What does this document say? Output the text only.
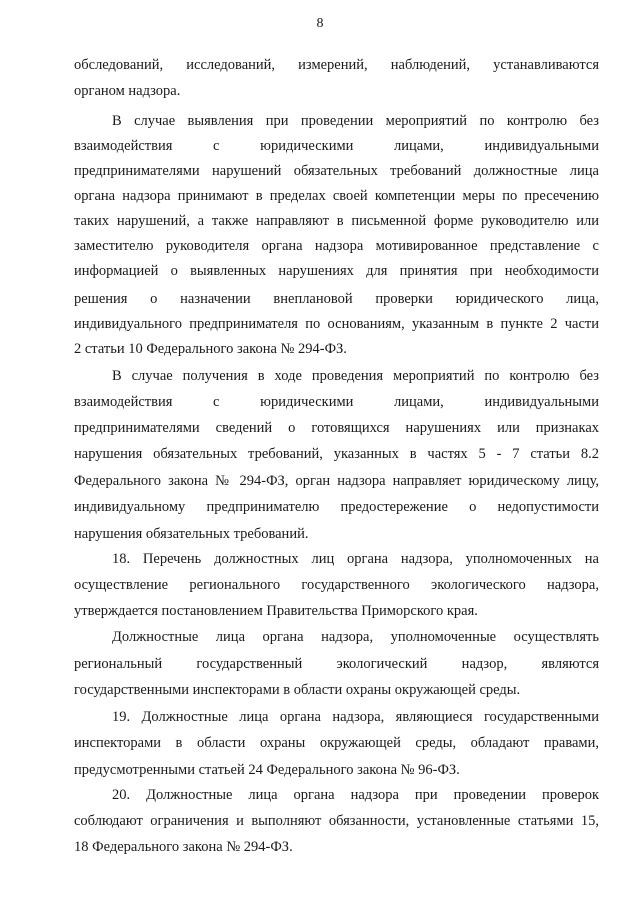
8
обследований, исследований, измерений, наблюдений, устанавливаются
органом надзора.
В случае выявления при проведении мероприятий по контролю без
взаимодействия с юридическими лицами, индивидуальными
предпринимателями нарушений обязательных требований должностные лица
органа надзора принимают в пределах своей компетенции меры по пресечению
таких нарушений, а также направляют в письменной форме руководителю или
заместителю руководителя органа надзора мотивированное представление с
информацией о выявленных нарушениях для принятия при необходимости
решения о назначении внеплановой проверки юридического лица,
индивидуального предпринимателя по основаниям, указанным в пункте 2 части
2 статьи 10 Федерального закона № 294-ФЗ.
В случае получения в ходе проведения мероприятий по контролю без
взаимодействия с юридическими лицами, индивидуальными
предпринимателями сведений о готовящихся нарушениях или признаках
нарушения обязательных требований, указанных в частях 5 - 7 статьи 8.2
Федерального закона № 294-ФЗ, орган надзора направляет юридическому лицу,
индивидуальному предпринимателю предостережение о недопустимости
нарушения обязательных требований.
18. Перечень должностных лиц органа надзора, уполномоченных на
осуществление регионального государственного экологического надзора,
утверждается постановлением Правительства Приморского края.
Должностные лица органа надзора, уполномоченные осуществлять
региональный государственный экологический надзор, являются
государственными инспекторами в области охраны окружающей среды.
19. Должностные лица органа надзора, являющиеся государственными
инспекторами в области охраны окружающей среды, обладают правами,
предусмотренными статьей 24 Федерального закона № 96-ФЗ.
20. Должностные лица органа надзора при проведении проверок
соблюдают ограничения и выполняют обязанности, установленные статьями 15,
18 Федерального закона № 294-ФЗ.
